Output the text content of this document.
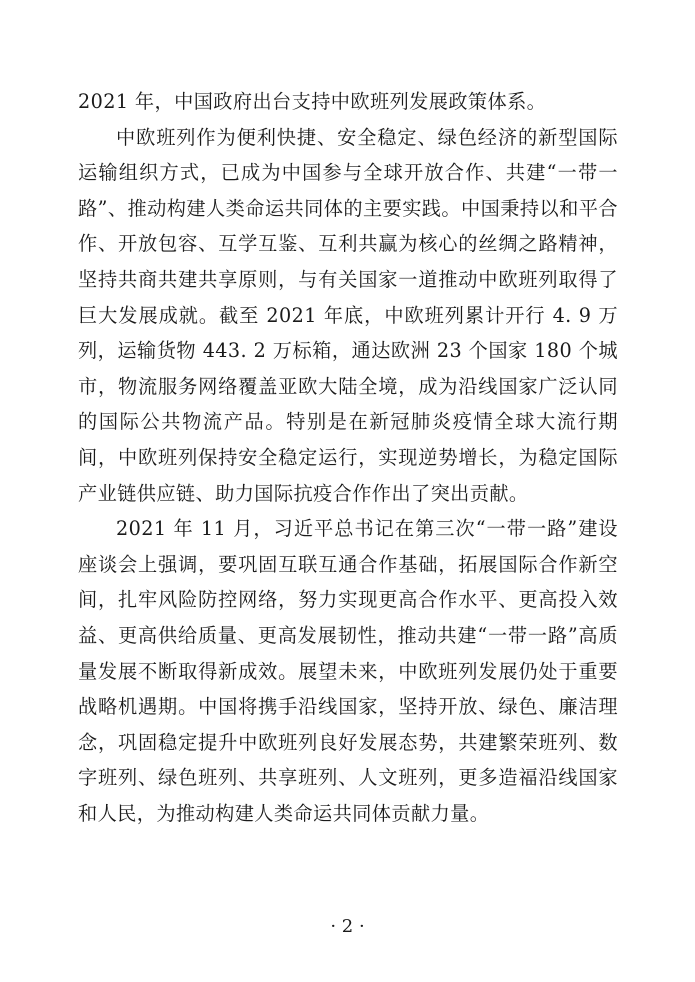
2021 年，中国政府出台支持中欧班列发展政策体系。

中欧班列作为便利快捷、安全稳定、绿色经济的新型国际运输组织方式，已成为中国参与全球开放合作、共建“一带一路”、推动构建人类命运共同体的主要实践。中国秉持以和平合作、开放包容、互学互鉴、互利共赢为核心的丝绸之路精神，坚持共商共建共享原则，与有关国家一道推动中欧班列取得了巨大发展成就。截至 2021 年底，中欧班列累计开行 4. 9 万列，运输货物 443. 2 万标箱，通达欧洲 23 个国家 180 个城市，物流服务网络覆盖亚欧大陆全境，成为沿线国家广泛认同的国际公共物流产品。特别是在新冠肺炎疫情全球大流行期间，中欧班列保持安全稳定运行，实现逆势增长，为稳定国际产业链供应链、助力国际抗疫合作作出了突出贡献。

2021 年 11 月，习近平总书记在第三次“一带一路”建设座谈会上强调，要巩固互联互通合作基础，拓展国际合作新空间，扎牢风险防控网络，努力实现更高合作水平、更高投入效益、更高供给质量、更高发展韧性，推动共建“一带一路”高质量发展不断取得新成效。展望未来，中欧班列发展仍处于重要战略机遇期。中国将携手沿线国家，坚持开放、绿色、廉洁理念，巩固稳定提升中欧班列良好发展态势，共建繁荣班列、数字班列、绿色班列、共享班列、人文班列，更多造福沿线国家和人民，为推动构建人类命运共同体贡献力量。

· 2 ·
